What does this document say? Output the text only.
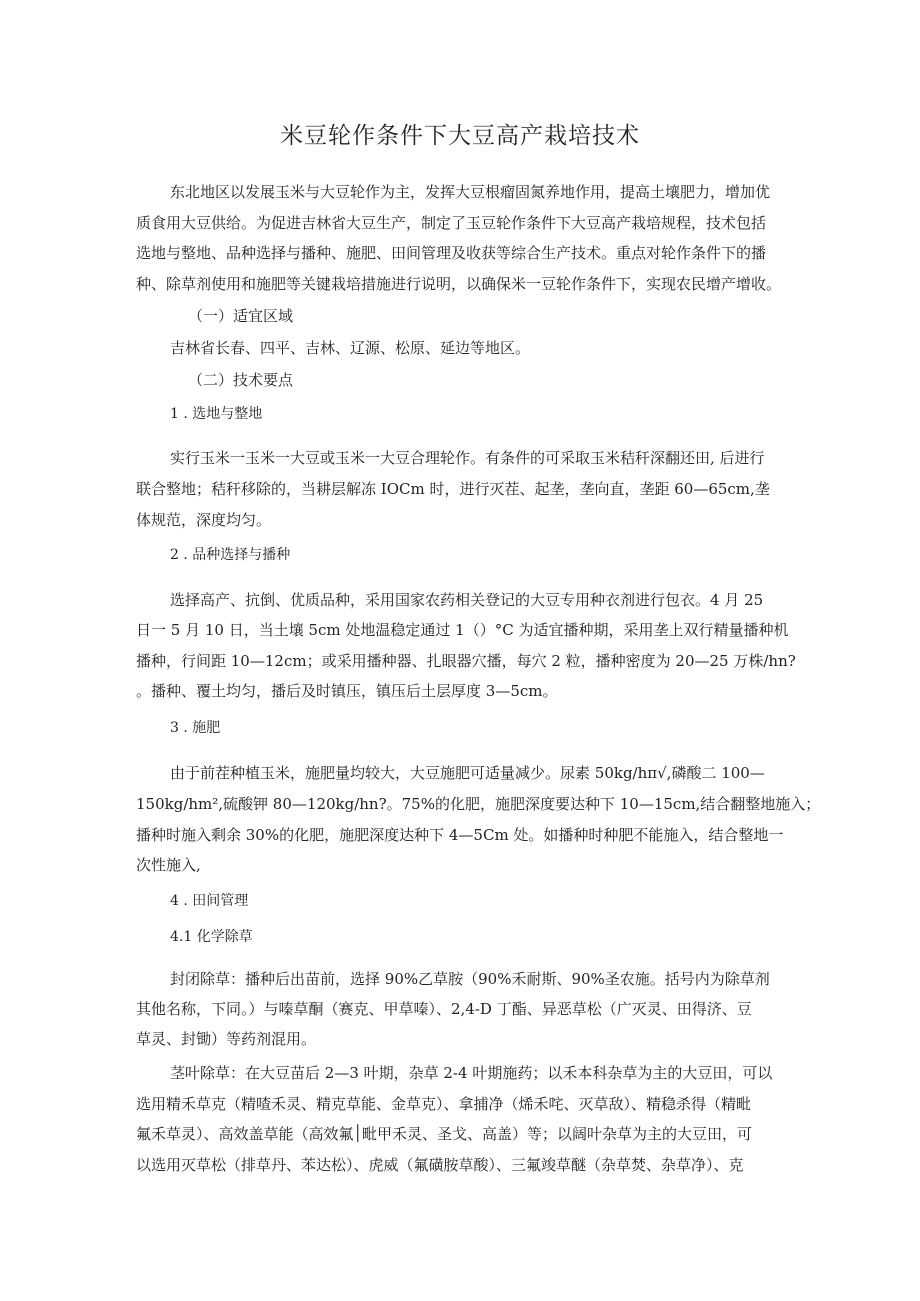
米豆轮作条件下大豆高产栽培技术
东北地区以发展玉米与大豆轮作为主，发挥大豆根瘤固氮养地作用，提高土壤肥力，增加优
质食用大豆供给。为促进吉林省大豆生产，制定了玉豆轮作条件下大豆高产栽培规程，技术包括
选地与整地、品种选择与播种、施肥、田间管理及收获等综合生产技术。重点对轮作条件下的播
种、除草剂使用和施肥等关键栽培措施进行说明，以确保米一豆轮作条件下，实现农民增产增收。
（一）适宜区域
吉林省长春、四平、吉林、辽源、松原、延边等地区。
（二）技术要点
1 . 选地与整地
实行玉米一玉米一大豆或玉米一大豆合理轮作。有条件的可采取玉米秸秆深翻还田, 后进行
联合整地；秸秆移除的，当耕层解冻 IOCm 时，进行灭茬、起垄，垄向直，垄距 60—65cm,垄
体规范，深度均匀。
2 . 品种选择与播种
选择高产、抗倒、优质品种，采用国家农药相关登记的大豆专用种衣剂进行包衣。4 月 25
日一 5 月 10 日，当土壤 5cm 处地温稳定通过 1（）°C 为适宜播种期，采用垄上双行精量播种机
播种，行间距 10—12cm；或采用播种器、扎眼器穴播，每穴 2 粒，播种密度为 20—25 万株/hn?
。播种、覆土均匀，播后及时镇压，镇压后土层厚度 3—5cm。
3 . 施肥
由于前茬种植玉米，施肥量均较大，大豆施肥可适量减少。尿素 50kg∕hπ√,磷酸二 100—
150kg∕hm²,硫酸钾 80—120kg/hn?。75%的化肥，施肥深度要达种下 10—15cm,结合翻整地施入；
播种时施入剩余 30%的化肥，施肥深度达种下 4—5Cm 处。如播种时种肥不能施入，结合整地一
次性施入,
4 . 田间管理
4.1 化学除草
封闭除草：播种后出苗前，选择 90%乙草胺（90%禾耐斯、90%圣农施。括号内为除草剂
其他名称，下同。）与嗪草酮（赛克、甲草嗪）、2,4-D 丁酯、异恶草松（广灭灵、田得济、豆
草灵、封锄）等药剂混用。
茎叶除草：在大豆苗后 2—3 叶期，杂草 2-4 叶期施药；以禾本科杂草为主的大豆田，可以
选用精禾草克（精喳禾灵、精克草能、金草克）、拿捕净（烯禾咤、灭草敌）、精稳杀得（精毗
氟禾草灵）、高效盖草能（高效氟׀毗甲禾灵、圣戈、高盖）等；以阔叶杂草为主的大豆田，可
以选用灭草松（排草丹、苯达松）、虎威（氟磺胺草酸）、三氟竣草醚（杂草焚、杂草净）、克
